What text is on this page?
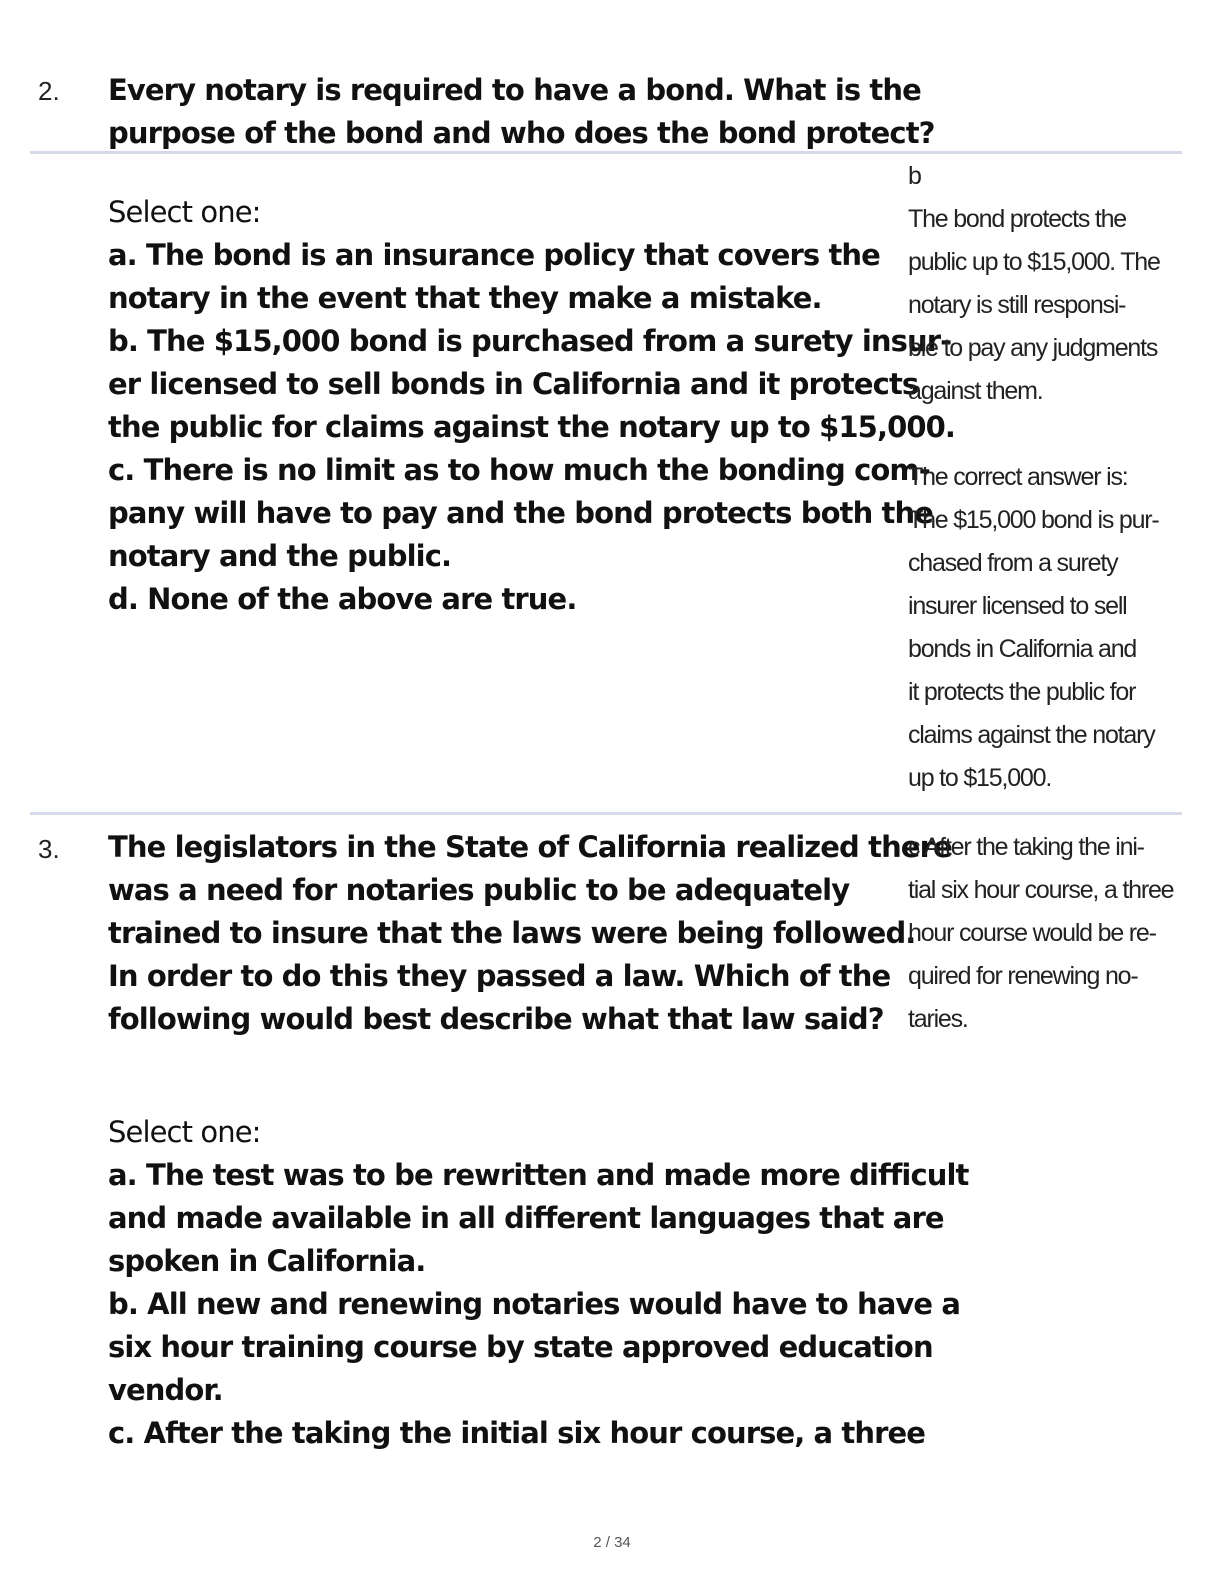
2. Every notary is required to have a bond. What is the
purpose of the bond and who does the bond protect?
Select one:
a. The bond is an insurance policy that covers the
notary in the event that they make a mistake.
b. The $15,000 bond is purchased from a surety insur-
er licensed to sell bonds in California and it protects
the public for claims against the notary up to $15,000.
c. There is no limit as to how much the bonding com-
pany will have to pay and the bond protects both the
notary and the public.
d. None of the above are true.
b
The bond protects the
public up to $15,000. The
notary is still responsi-
ble to pay any judgments
against them.
The correct answer is:
The $15,000 bond is pur-
chased from a surety
insurer licensed to sell
bonds in California and
it protects the public for
claims against the notary
up to $15,000.
3. The legislators in the State of California realized there
was a need for notaries public to be adequately
trained to insure that the laws were being followed.
In order to do this they passed a law. Which of the
following would best describe what that law said?
c After the taking the ini-
tial six hour course, a three
hour course would be re-
quired for renewing no-
taries.
Select one:
a. The test was to be rewritten and made more difficult
and made available in all different languages that are
spoken in California.
b. All new and renewing notaries would have to have a
six hour training course by state approved education
vendor.
c. After the taking the initial six hour course, a three
2 / 34
